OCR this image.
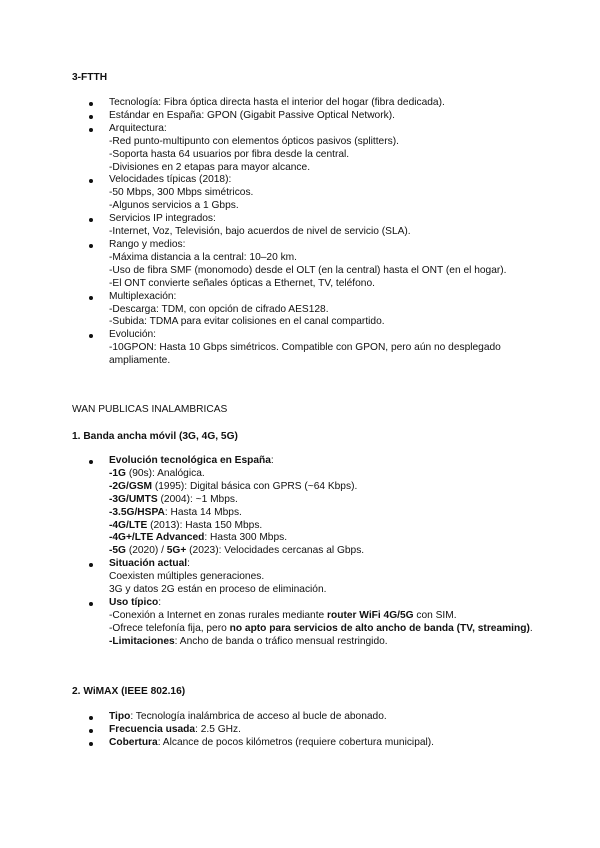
3-FTTH
Tecnología: Fibra óptica directa hasta el interior del hogar (fibra dedicada).
Estándar en España: GPON (Gigabit Passive Optical Network).
Arquitectura:
-Red punto-multipunto con elementos ópticos pasivos (splitters).
-Soporta hasta 64 usuarios por fibra desde la central.
-Divisiones en 2 etapas para mayor alcance.
Velocidades típicas (2018):
-50 Mbps, 300 Mbps simétricos.
-Algunos servicios a 1 Gbps.
Servicios IP integrados:
-Internet, Voz, Televisión, bajo acuerdos de nivel de servicio (SLA).
Rango y medios:
-Máxima distancia a la central: 10–20 km.
-Uso de fibra SMF (monomodo) desde el OLT (en la central) hasta el ONT (en el hogar).
-El ONT convierte señales ópticas a Ethernet, TV, teléfono.
Multiplexación:
-Descarga: TDM, con opción de cifrado AES128.
-Subida: TDMA para evitar colisiones en el canal compartido.
Evolución:
-10GPON: Hasta 10 Gbps simétricos. Compatible con GPON, pero aún no desplegado ampliamente.
WAN PUBLICAS INALAMBRICAS
1. Banda ancha móvil (3G, 4G, 5G)
Evolución tecnológica en España:
-1G (90s): Analógica.
-2G/GSM (1995): Digital básica con GPRS (~64 Kbps).
-3G/UMTS (2004): ~1 Mbps.
-3.5G/HSPA: Hasta 14 Mbps.
-4G/LTE (2013): Hasta 150 Mbps.
-4G+/LTE Advanced: Hasta 300 Mbps.
-5G (2020) / 5G+ (2023): Velocidades cercanas al Gbps.
Situación actual:
Coexisten múltiples generaciones.
3G y datos 2G están en proceso de eliminación.
Uso típico:
-Conexión a Internet en zonas rurales mediante router WiFi 4G/5G con SIM.
-Ofrece telefonía fija, pero no apto para servicios de alto ancho de banda (TV, streaming).
-Limitaciones: Ancho de banda o tráfico mensual restringido.
2. WiMAX (IEEE 802.16)
Tipo: Tecnología inalámbrica de acceso al bucle de abonado.
Frecuencia usada: 2.5 GHz.
Cobertura: Alcance de pocos kilómetros (requiere cobertura municipal).
